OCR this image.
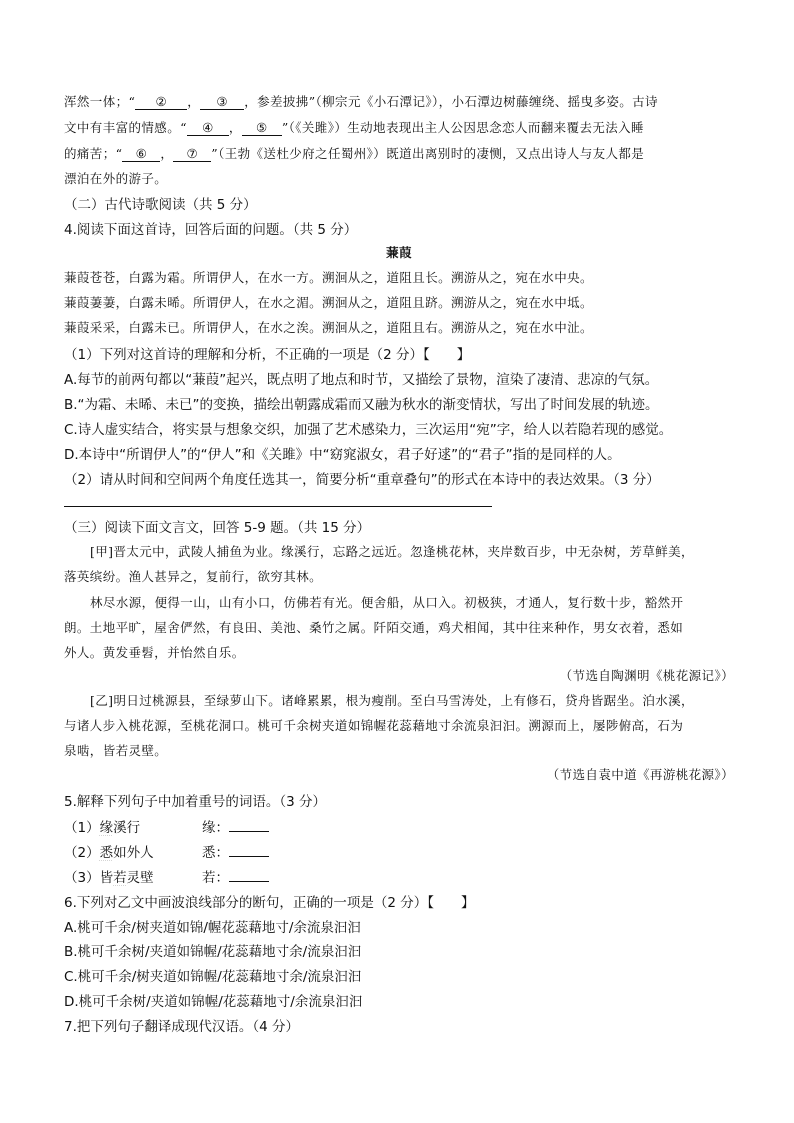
浑然一体；“ ② ， ③ ，参差披拂”（柳宗元《小石潭记》），小石潭边树藤缠绕、摇曳多姿。古诗
文中有丰富的情感。“ ④ ， ⑤ ”（《关雎》）生动地表现出主人公因思念恋人而翻来覆去无法入睡
的痛苦；“ ⑥ ， ⑦ ”（王勃《送杜少府之任蜀州》）既道出离别时的凄恻，又点出诗人与友人都是
漂泊在外的游子。
（二）古代诗歌阅读（共 5 分）
4.阅读下面这首诗，回答后面的问题。（共 5 分）
蒹葭
蒹葭苍苍，白露为霜。所谓伊人，在水一方。溯洄从之，道阻且长。溯游从之，宛在水中央。
蒹葭萋萋，白露未晞。所谓伊人，在水之湄。溯洄从之，道阻且跻。溯游从之，宛在水中坻。
蒹葭采采，白露未已。所谓伊人，在水之涘。溯洄从之，道阻且右。溯游从之，宛在水中沚。
（1）下列对这首诗的理解和分析，不正确的一项是（2 分）【　　】
A.每节的前两句都以“蒹葭”起兴，既点明了地点和时节，又描绘了景物，渲染了凄清、悲凉的气氛。
B.“为霜、未晞、未已”的变换，描绘出朝露成霜而又融为秋水的渐变情状，写出了时间发展的轨迹。
C.诗人虚实结合，将实景与想象交织，加强了艺术感染力，三次运用“宛”字，给人以若隐若现的感觉。
D.本诗中“所谓伊人”的“伊人”和《关雎》中“窈窕淑女，君子好逑”的“君子”指的是同样的人。
（2）请从时间和空间两个角度任选其一，简要分析“重章叠句”的形式在本诗中的表达效果。（3 分）
（三）阅读下面文言文，回答 5-9 题。（共 15 分）
[甲]晋太元中，武陵人捕鱼为业。缘溪行，忘路之远近。忽逢桃花林，夹岸数百步，中无杂树，芳草鲜美，
落英缤纷。渔人甚异之，复前行，欲穷其林。
林尽水源，便得一山，山有小口，仿佛若有光。便舍船，从口入。初极狭，才通人，复行数十步，豁然开
朗。土地平旷，屋舍俨然，有良田、美池、桑竹之属。阡陌交通，鸡犬相闻，其中往来种作，男女衣着，悉如
外人。黄发垂髫，并怡然自乐。
（节选自陶渊明《桃花源记》）
[乙]明日过桃源县，至绿萝山下。诸峰累累，根为瘦削。至白马雪涛处，上有修石，贷舟皆踞坐。泊水溪，
与诸人步入桃花源，至桃花洞口。桃可千余树夹道如锦幄花蕊藉地寸余流泉汩汩。溯源而上，屡陟俯高，石为
泉啮，皆若灵壁。
（节选自袁中道《再游桃花源》）
5.解释下列句子中加着重号的词语。（3 分）
（1）缘溪行	缘：
（2）悉如外人	悉：
（3）皆若灵壁	若：
6.下列对乙文中画波浪线部分的断句，正确的一项是（2 分）【　　】
A.桃可千余/树夹道如锦/幄花蕊藉地寸/余流泉汩汩
B.桃可千余树/夹道如锦幄/花蕊藉地寸余/流泉汩汩
C.桃可千余/树夹道如锦幄/花蕊藉地寸余/流泉汩汩
D.桃可千余树/夹道如锦幄/花蕊藉地寸/余流泉汩汩
7.把下列句子翻译成现代汉语。（4 分）
